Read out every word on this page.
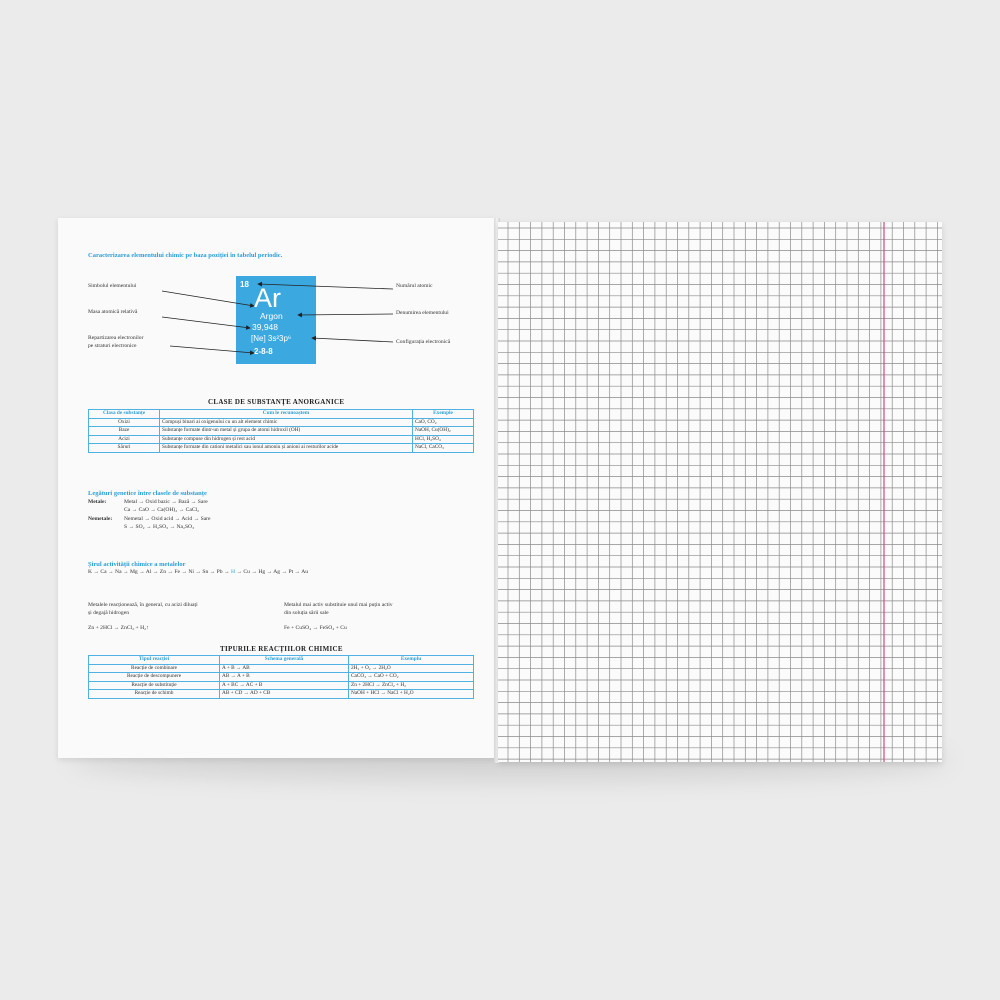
Caracterizarea elementului chimic pe baza poziției în tabelul periodic.
Simbolul elementului
Masa atomică relativă
Repartizarea electronilor
pe straturi electronice
Numărul atomic
Denumirea elementului
Configurația electronică
18 Ar
Argon
39,948
[Ne] 3s²3p⁶
2-8-8
CLASE DE SUBSTANȚE ANORGANICE
Clasa de substanțe	Cum le recunoaștem	Exemple
Oxizi	Compuși binari ai oxigenului cu un alt element chimic	CaO, CO₂
Baze	Substanțe formate dintr-un metal și grupa de atomi hidroxil (OH)	NaOH, Cu(OH)₂
Acizi	Substanțe compuse din hidrogen și rest acid	HCl, H₂SO₄
Săruri	Substanțe formate din cationi metalici sau ionul amoniu și anioni ai resturilor acide	NaCl, CaCO₃
Legături genetice între clasele de substanțe
Metale:	Metal → Oxid bazic → Bază → Sare
Ca → CaO → Ca(OH)₂ → CaCl₂
Nemetale: Nemetal → Oxid acid → Acid → Sare
S → SO₂ → H₂SO₃ → Na₂SO₃
Șirul activității chimice a metalelor
K → Ca → Na → Mg → Al → Zn → Fe → Ni → Sn → Pb → H → Cu → Hg → Ag → Pt → Au
Metalele reacționează, în general, cu acizi diluați
și degajă hidrogen
Zn + 2HCl → ZnCl₂ + H₂↑
Metalul mai activ substituie unul mai puțin activ
din soluția sării sale
Fe + CuSO₄ → FeSO₄ + Cu
TIPURILE REACȚIILOR CHIMICE
Tipul reacției	Schema generală	Exemplu
Reacție de combinare	A + B → AB	2H₂ + O₂ → 2H₂O
Reacție de descompunere	AB → A + B	CaCO₃ → CaO + CO₂
Reacție de substituție	A + BC → AC + B	Zn + 2HCl → ZnCl₂ + H₂
Reacție de schimb	AB + CD → AD + CB	NaOH + HCl → NaCl + H₂O
